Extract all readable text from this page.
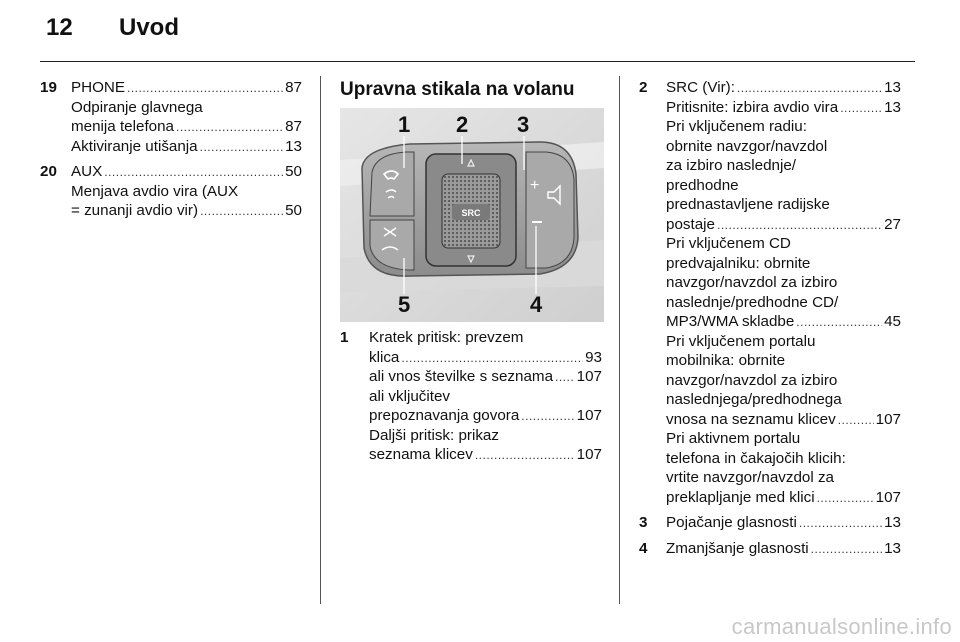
12 Uvod
19 PHONE .....	87
Odpiranje glavnega
menija telefona .....	87
Aktiviranje utišanja .....	13
20 AUX .....	50
Menjava avdio vira (AUX
= zunanji avdio vir) .....	50
Upravna stikala na volanu
SRC
+
1 2 3
4
5
1 Kratek pritisk: prevzem
klica .....	93
ali vnos številke s seznama ..... 107
ali vključitev
prepoznavanja govora .....	107
Daljši pritisk: prikaz
seznama klicev .....	107
2 SRC (Vir): .....	13
Pritisnite: izbira avdio vira .....	13
Pri vključenem radiu:
obrnite navzgor/navzdol
za izbiro naslednje/
predhodne
prednastavljene radijske
postaje .....	27
Pri vključenem CD
predvajalniku: obrnite
navzgor/navzdol za izbiro
naslednje/predhodne CD/
MP3/WMA skladbe .....	45
Pri vključenem portalu
mobilnika: obrnite
navzgor/navzdol za izbiro
naslednjega/predhodnega
vnosa na seznamu klicev .....	107
Pri aktivnem portalu
telefona in čakajočih klicih:
vrtite navzgor/navzdol za
preklapljanje med klici .....	107
3 Pojačanje glasnosti .....	13
4 Zmanjšanje glasnosti .....	13
carmanualsonline.info
